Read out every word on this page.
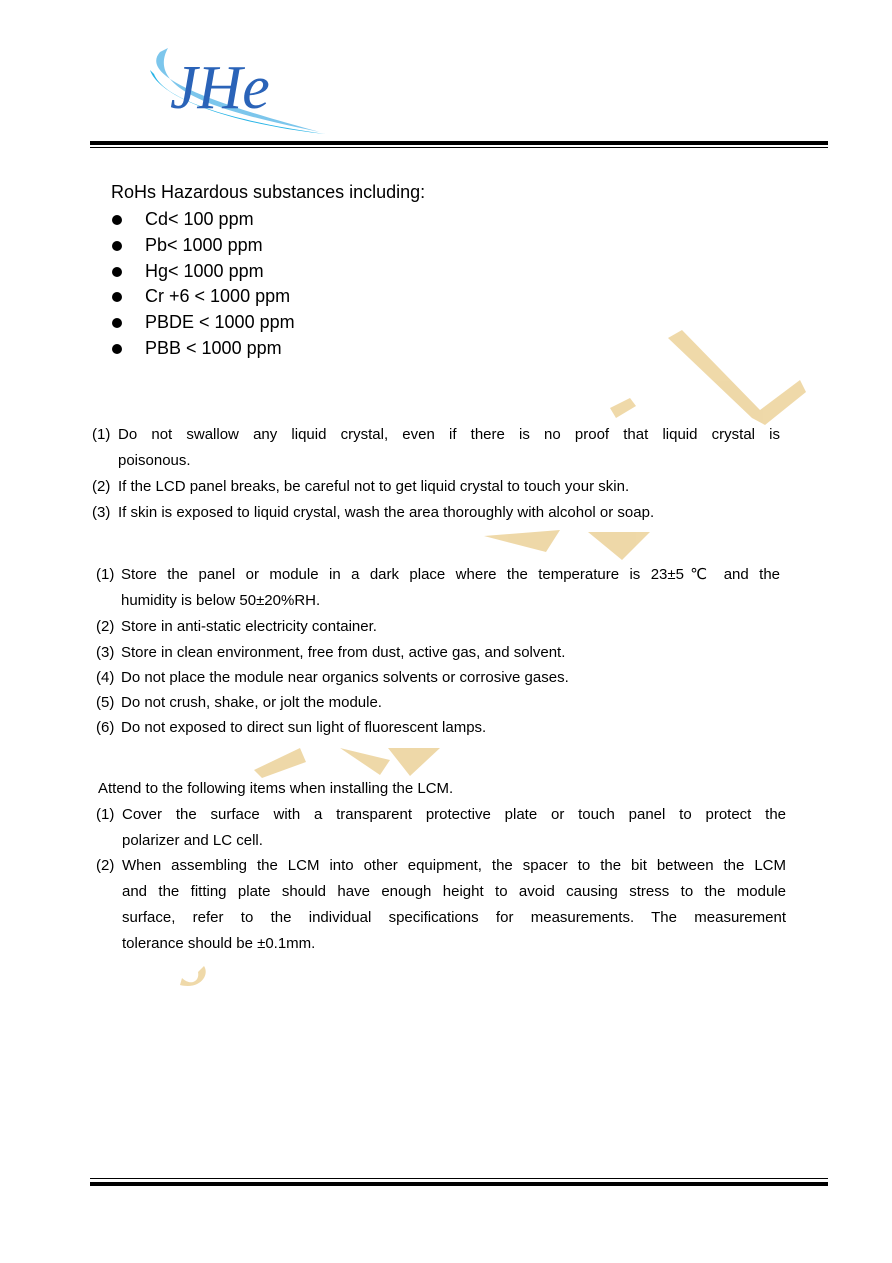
JHe
RoHs Hazardous substances including:
Cd< 100 ppm
Pb< 1000 ppm
Hg< 1000 ppm
Cr +6 < 1000 ppm
PBDE < 1000 ppm
PBB < 1000 ppm
(1) Do not swallow any liquid crystal, even if there is no proof that liquid crystal is
poisonous.
(2) If the LCD panel breaks, be careful not to get liquid crystal to touch your skin.
(3) If skin is exposed to liquid crystal, wash the area thoroughly with alcohol or soap.
(1) Store the panel or module in a dark place where the temperature is 23±5℃ and the
humidity is below 50±20%RH.
(2) Store in anti-static electricity container.
(3) Store in clean environment, free from dust, active gas, and solvent.
(4) Do not place the module near organics solvents or corrosive gases.
(5) Do not crush, shake, or jolt the module.
(6) Do not exposed to direct sun light of fluorescent lamps.
Attend to the following items when installing the LCM.
(1) Cover the surface with a transparent protective plate or touch panel to protect the
polarizer and LC cell.
(2) When assembling the LCM into other equipment, the spacer to the bit between the LCM
and the fitting plate should have enough height to avoid causing stress to the module
surface, refer to the individual specifications for measurements. The measurement
tolerance should be ±0.1mm.
